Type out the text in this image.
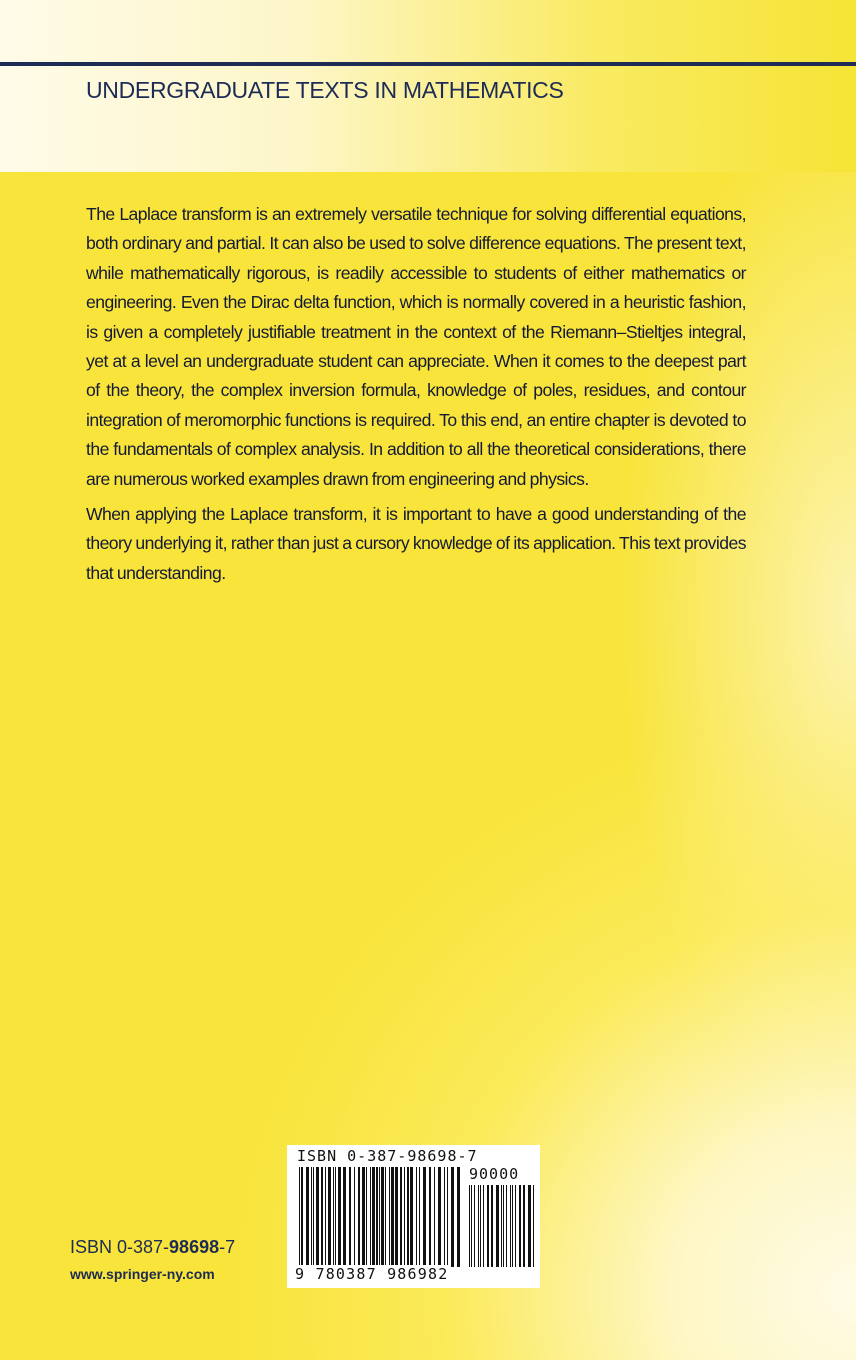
UNDERGRADUATE TEXTS IN MATHEMATICS

The Laplace transform is an extremely versatile technique for solving differential equations, both ordinary and partial. It can also be used to solve difference equations. The present text, while mathematically rigorous, is readily accessible to students of either mathematics or engineering. Even the Dirac delta function, which is normally covered in a heuristic fashion, is given a completely justifiable treatment in the context of the Riemann–Stieltjes integral, yet at a level an undergraduate student can appreciate. When it comes to the deepest part of the theory, the complex inversion formula, knowledge of poles, residues, and contour integration of meromorphic functions is required. To this end, an entire chapter is devoted to the fundamentals of complex analysis. In addition to all the theoretical considerations, there are numerous worked examples drawn from engineering and physics.

When applying the Laplace transform, it is important to have a good understanding of the theory underlying it, rather than just a cursory knowledge of its application. This text provides that understanding.

ISBN 0-387-98698-7
www.springer-ny.com
ISBN 0-387-98698-7
90000
9 780387 986982
